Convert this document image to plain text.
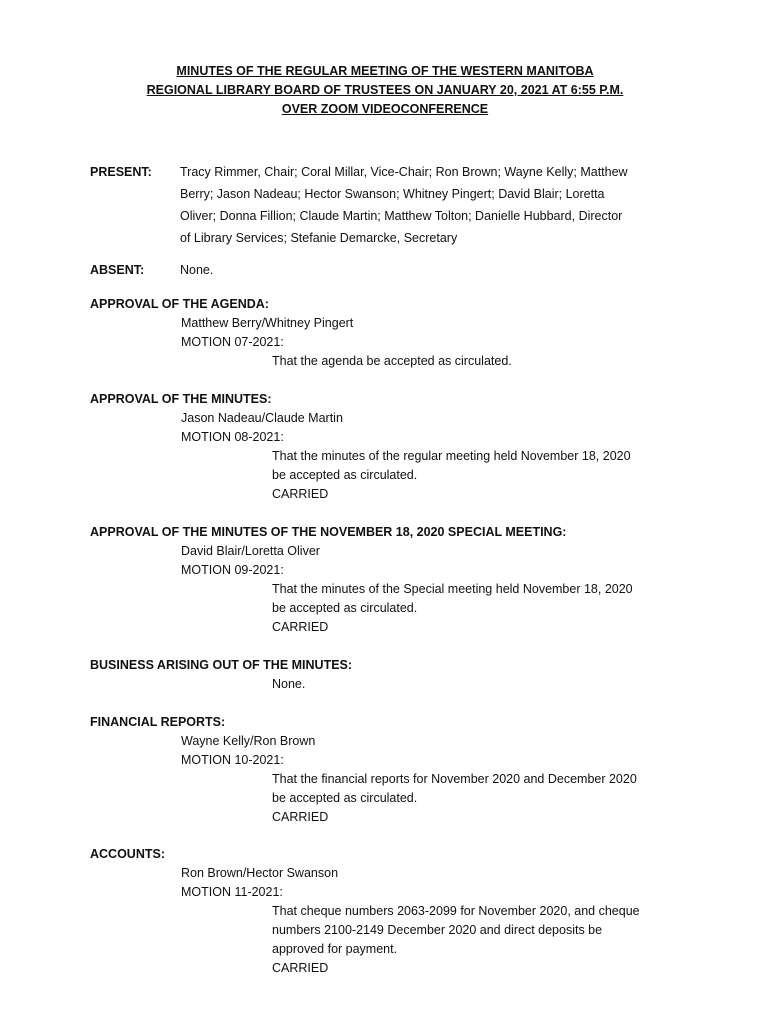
MINUTES OF THE REGULAR MEETING OF THE WESTERN MANITOBA
REGIONAL LIBRARY BOARD OF TRUSTEES ON JANUARY 20, 2021 AT 6:55 P.M.
OVER ZOOM VIDEOCONFERENCE
PRESENT: Tracy Rimmer, Chair; Coral Millar, Vice-Chair; Ron Brown; Wayne Kelly; Matthew
Berry; Jason Nadeau; Hector Swanson; Whitney Pingert; David Blair; Loretta
Oliver; Donna Fillion; Claude Martin; Matthew Tolton; Danielle Hubbard, Director
of Library Services; Stefanie Demarcke, Secretary
ABSENT:	None.
APPROVAL OF THE AGENDA:
Matthew Berry/Whitney Pingert
MOTION 07-2021:
That the agenda be accepted as circulated.
APPROVAL OF THE MINUTES:
Jason Nadeau/Claude Martin
MOTION 08-2021:
That the minutes of the regular meeting held November 18, 2020
be accepted as circulated.
CARRIED
APPROVAL OF THE MINUTES OF THE NOVEMBER 18, 2020 SPECIAL MEETING:
David Blair/Loretta Oliver
MOTION 09-2021:
That the minutes of the Special meeting held November 18, 2020
be accepted as circulated.
CARRIED
BUSINESS ARISING OUT OF THE MINUTES:
None.
FINANCIAL REPORTS:
Wayne Kelly/Ron Brown
MOTION 10-2021:
That the financial reports for November 2020 and December 2020
be accepted as circulated.
CARRIED
ACCOUNTS:
Ron Brown/Hector Swanson
MOTION 11-2021:
That cheque numbers 2063-2099 for November 2020, and cheque
numbers 2100-2149 December 2020 and direct deposits be
approved for payment.
CARRIED
